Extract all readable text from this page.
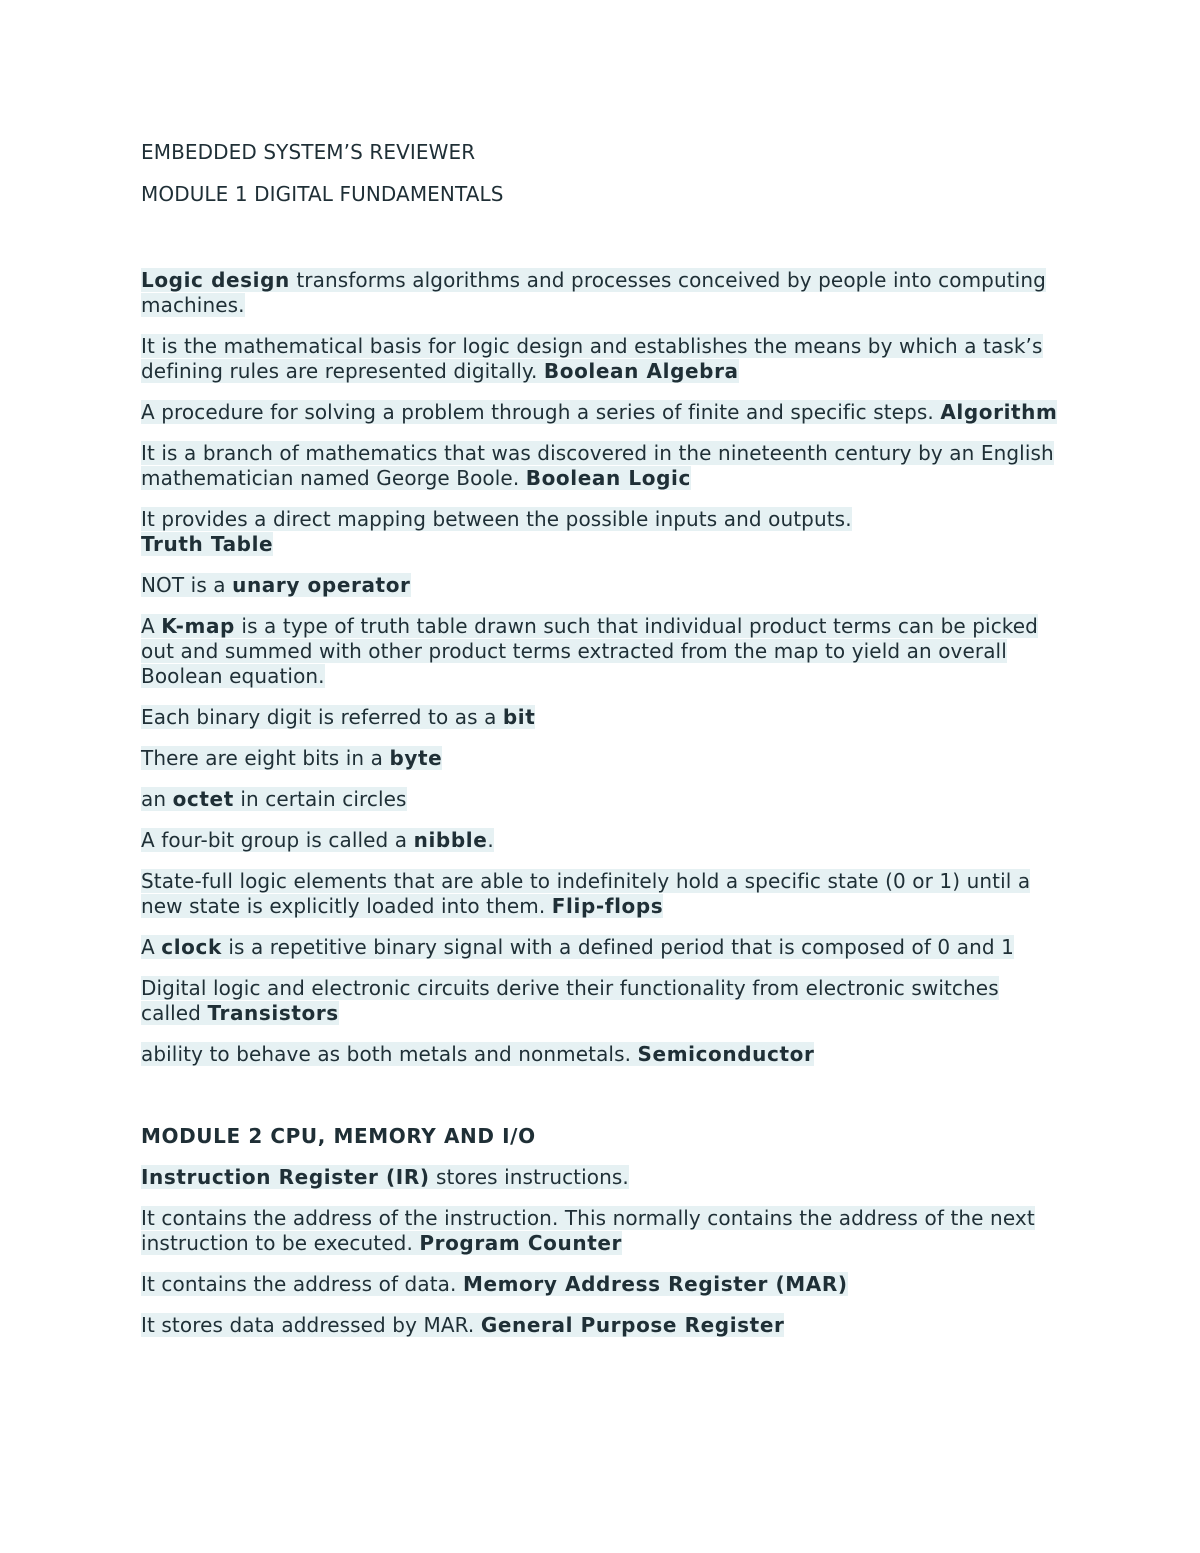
EMBEDDED SYSTEM’S REVIEWER
MODULE 1 DIGITAL FUNDAMENTALS
Logic design transforms algorithms and processes conceived by people into computing machines.
It is the mathematical basis for logic design and establishes the means by which a task’s defining rules are represented digitally. Boolean Algebra
A procedure for solving a problem through a series of finite and specific steps. Algorithm
It is a branch of mathematics that was discovered in the nineteenth century by an English mathematician named George Boole. Boolean Logic
It provides a direct mapping between the possible inputs and outputs.
Truth Table
NOT is a unary operator
A K-map is a type of truth table drawn such that individual product terms can be picked out and summed with other product terms extracted from the map to yield an overall Boolean equation.
Each binary digit is referred to as a bit
There are eight bits in a byte
an octet in certain circles
A four-bit group is called a nibble.
State-full logic elements that are able to indefinitely hold a specific state (0 or 1) until a new state is explicitly loaded into them. Flip-flops
A clock is a repetitive binary signal with a defined period that is composed of 0 and 1
Digital logic and electronic circuits derive their functionality from electronic switches called Transistors
ability to behave as both metals and nonmetals. Semiconductor
MODULE 2 CPU, MEMORY AND I/O
Instruction Register (IR) stores instructions.
It contains the address of the instruction. This normally contains the address of the next instruction to be executed. Program Counter
It contains the address of data. Memory Address Register (MAR)
It stores data addressed by MAR. General Purpose Register
